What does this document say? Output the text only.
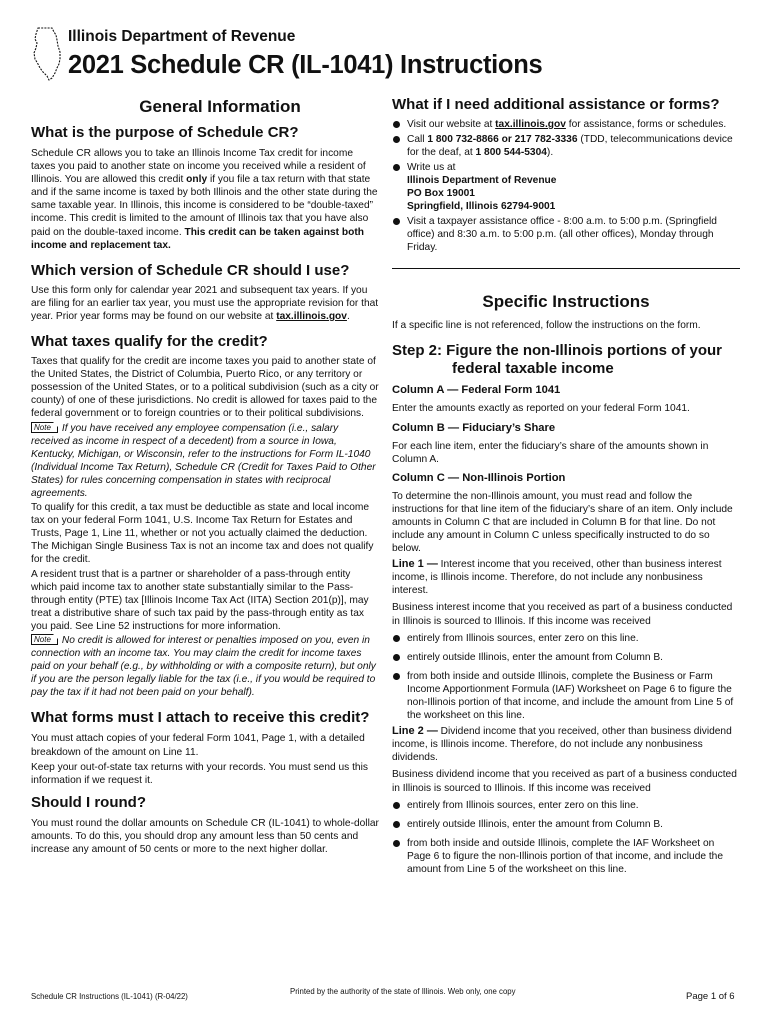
Illinois Department of Revenue
2021 Schedule CR (IL-1041) Instructions
General Information
What is the purpose of Schedule CR?

Schedule CR allows you to take an Illinois Income Tax credit for income taxes you paid to another state on income you received while a resident of Illinois. You are allowed this credit only if you file a tax return with that state and if the same income is taxed by both Illinois and the other state during the same taxable year. In Illinois, this income is considered to be “double-taxed” income. This credit is limited to the amount of Illinois tax that you have also paid on the double-taxed income. This credit can be taken against both income and replacement tax.

Which version of Schedule CR should I use?

Use this form only for calendar year 2021 and subsequent tax years. If you are filing for an earlier tax year, you must use the appropriate revision for that year. Prior year forms may be found on our website at tax.illinois.gov.

What taxes qualify for the credit?

Taxes that qualify for the credit are income taxes you paid to another state of the United States, the District of Columbia, Puerto Rico, or any territory or possession of the United States, or to a political subdivision (such as a city or county) of one of these jurisdictions. No credit is allowed for taxes paid to the federal government or to foreign countries or to their political subdivisions.

Note If you have received any employee compensation (i.e., salary received as income in respect of a decedent) from a source in Iowa, Kentucky, Michigan, or Wisconsin, refer to the instructions for Form IL-1040 (Individual Income Tax Return), Schedule CR (Credit for Taxes Paid to Other States) for rules concerning compensation in states with reciprocal agreements.

To qualify for this credit, a tax must be deductible as state and local income tax on your federal Form 1041, U.S. Income Tax Return for Estates and Trusts, Page 1, Line 11, whether or not you actually claimed the deduction. The Michigan Single Business Tax is not an income tax and does not qualify for the credit.

A resident trust that is a partner or shareholder of a pass-through entity which paid income tax to another state substantially similar to the Pass-through entity (PTE) tax [Illinois Income Tax Act (IITA) Section 201(p)], may treat a distributive share of such tax paid by the pass-through entity as tax you paid. See Line 52 instructions for more information.

Note No credit is allowed for interest or penalties imposed on you, even in connection with an income tax. You may claim the credit for income taxes paid on your behalf (e.g., by withholding or with a composite return), but only if you are the person legally liable for the tax (i.e., if you would be required to pay the tax if it had not been paid on your behalf).

What forms must I attach to receive this credit?

You must attach copies of your federal Form 1041, Page 1, with a detailed breakdown of the amount on Line 11.

Keep your out-of-state tax returns with your records. You must send us this information if we request it.

Should I round?

You must round the dollar amounts on Schedule CR (IL-1041) to whole-dollar amounts. To do this, you should drop any amount less than 50 cents and increase any amount of 50 cents or more to the next higher dollar.

What if I need additional assistance or forms?
Visit our website at tax.illinois.gov for assistance, forms or schedules.
Call 1 800 732-8866 or 217 782-3336 (TDD, telecommunications device for the deaf, at 1 800 544-5304).
Write us at
Illinois Department of Revenue
PO Box 19001
Springfield, Illinois 62794-9001
Visit a taxpayer assistance office - 8:00 a.m. to 5:00 p.m. (Springfield office) and 8:30 a.m. to 5:00 p.m. (all other offices), Monday through Friday.
Specific Instructions

If a specific line is not referenced, follow the instructions on the form.

Step 2: Figure the non-Illinois portions of your
federal taxable income
Column A — Federal Form 1041

Enter the amounts exactly as reported on your federal Form 1041.

Column B — Fiduciary’s Share

For each line item, enter the fiduciary’s share of the amounts shown in Column A.

Column C — Non-Illinois Portion

To determine the non-Illinois amount, you must read and follow the instructions for that line item of the fiduciary’s share of an item. Only include amounts in Column C that are included in Column B for that line. Do not include any amount in Column C unless specifically instructed to do so below.

Line 1 — Interest income that you received, other than business interest income, is Illinois income. Therefore, do not include any nonbusiness interest.

Business interest income that you received as part of a business conducted in Illinois is sourced to Illinois. If this income was received

entirely from Illinois sources, enter zero on this line.
entirely outside Illinois, enter the amount from Column B.
from both inside and outside Illinois, complete the Business or Farm Income Apportionment Formula (IAF) Worksheet on Page 6 to figure the non-Illinois portion of that income, and include the amount from Line 5 of the worksheet on this line.

Line 2 — Dividend income that you received, other than business dividend income, is Illinois income. Therefore, do not include any nonbusiness dividends.

Business dividend income that you received as part of a business conducted in Illinois is sourced to Illinois. If this income was received

entirely from Illinois sources, enter zero on this line.
entirely outside Illinois, enter the amount from Column B.
from both inside and outside Illinois, complete the IAF Worksheet on Page 6 to figure the non-Illinois portion of that income, and include the amount from Line 5 of the worksheet on this line.
Schedule CR Instructions (IL-1041) (R-04/22)
Printed by the authority of the state of Illinois. Web only, one copy	Page 1 of 6
